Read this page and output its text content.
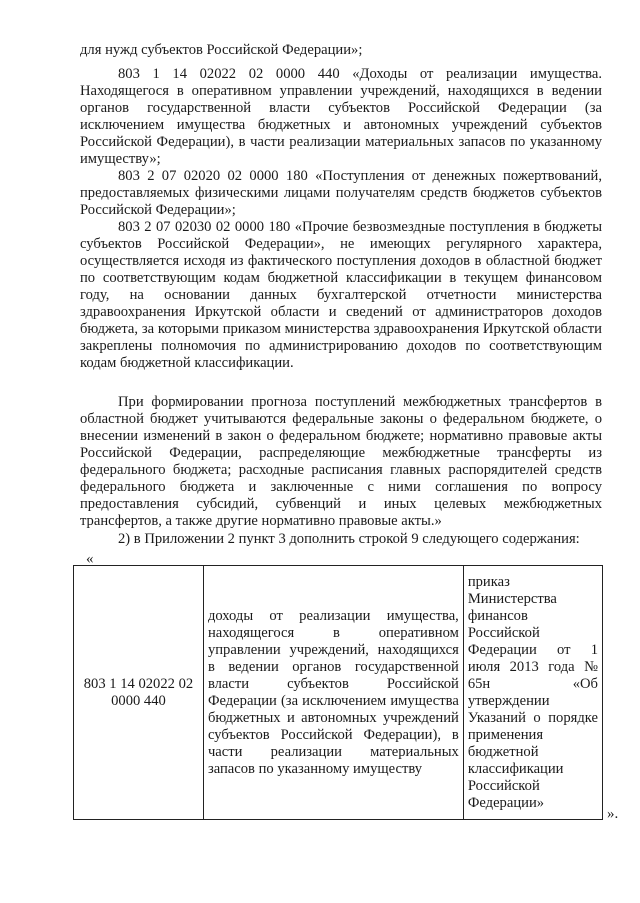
для нужд субъектов Российской Федерации»;

803 1 14 02022 02 0000 440 «Доходы от реализации имущества. Находящегося в оперативном управлении учреждений, находящихся в ведении органов государственной власти субъектов Российской Федерации (за исключением имущества бюджетных и автономных учреждений субъектов Российской Федерации), в части реализации материальных запасов по указанному имуществу»;

803 2 07 02020 02 0000 180 «Поступления от денежных пожертвований, предоставляемых физическими лицами получателям средств бюджетов субъектов Российской Федерации»;

803 2 07 02030 02 0000 180 «Прочие безвозмездные поступления в бюджеты субъектов Российской Федерации», не имеющих регулярного характера, осуществляется исходя из фактического поступления доходов в областной бюджет по соответствующим кодам бюджетной классификации в текущем финансовом году, на основании данных бухгалтерской отчетности министерства здравоохранения Иркутской области и сведений от администраторов доходов бюджета, за которыми приказом министерства здравоохранения Иркутской области закреплены полномочия по администрированию доходов по соответствующим кодам бюджетной классификации.

При формировании прогноза поступлений межбюджетных трансфертов в областной бюджет учитываются федеральные законы о федеральном бюджете, о внесении изменений в закон о федеральном бюджете; нормативно правовые акты Российской Федерации, распределяющие межбюджетные трансферты из федерального бюджета; расходные расписания главных распорядителей средств федерального бюджета и заключенные с ними соглашения по вопросу предоставления субсидий, субвенций и иных целевых межбюджетных трансфертов, а также другие нормативно правовые акты.»

2) в Приложении 2 пункт 3 дополнить строкой 9 следующего содержания:

«
803 1 14 02022 02 0000 440	доходы от реализации имущества, находящегося в оперативном управлении учреждений, находящихся в ведении органов государственной власти субъектов Российской Федерации (за исключением имущества бюджетных и автономных учреждений субъектов Российской Федерации), в части реализации материальных запасов по указанному имуществу	приказ Министерства финансов Российской Федерации от 1 июля 2013 года № 65н «Об утверждении Указаний о порядке применения бюджетной классификации Российской Федерации»
».
